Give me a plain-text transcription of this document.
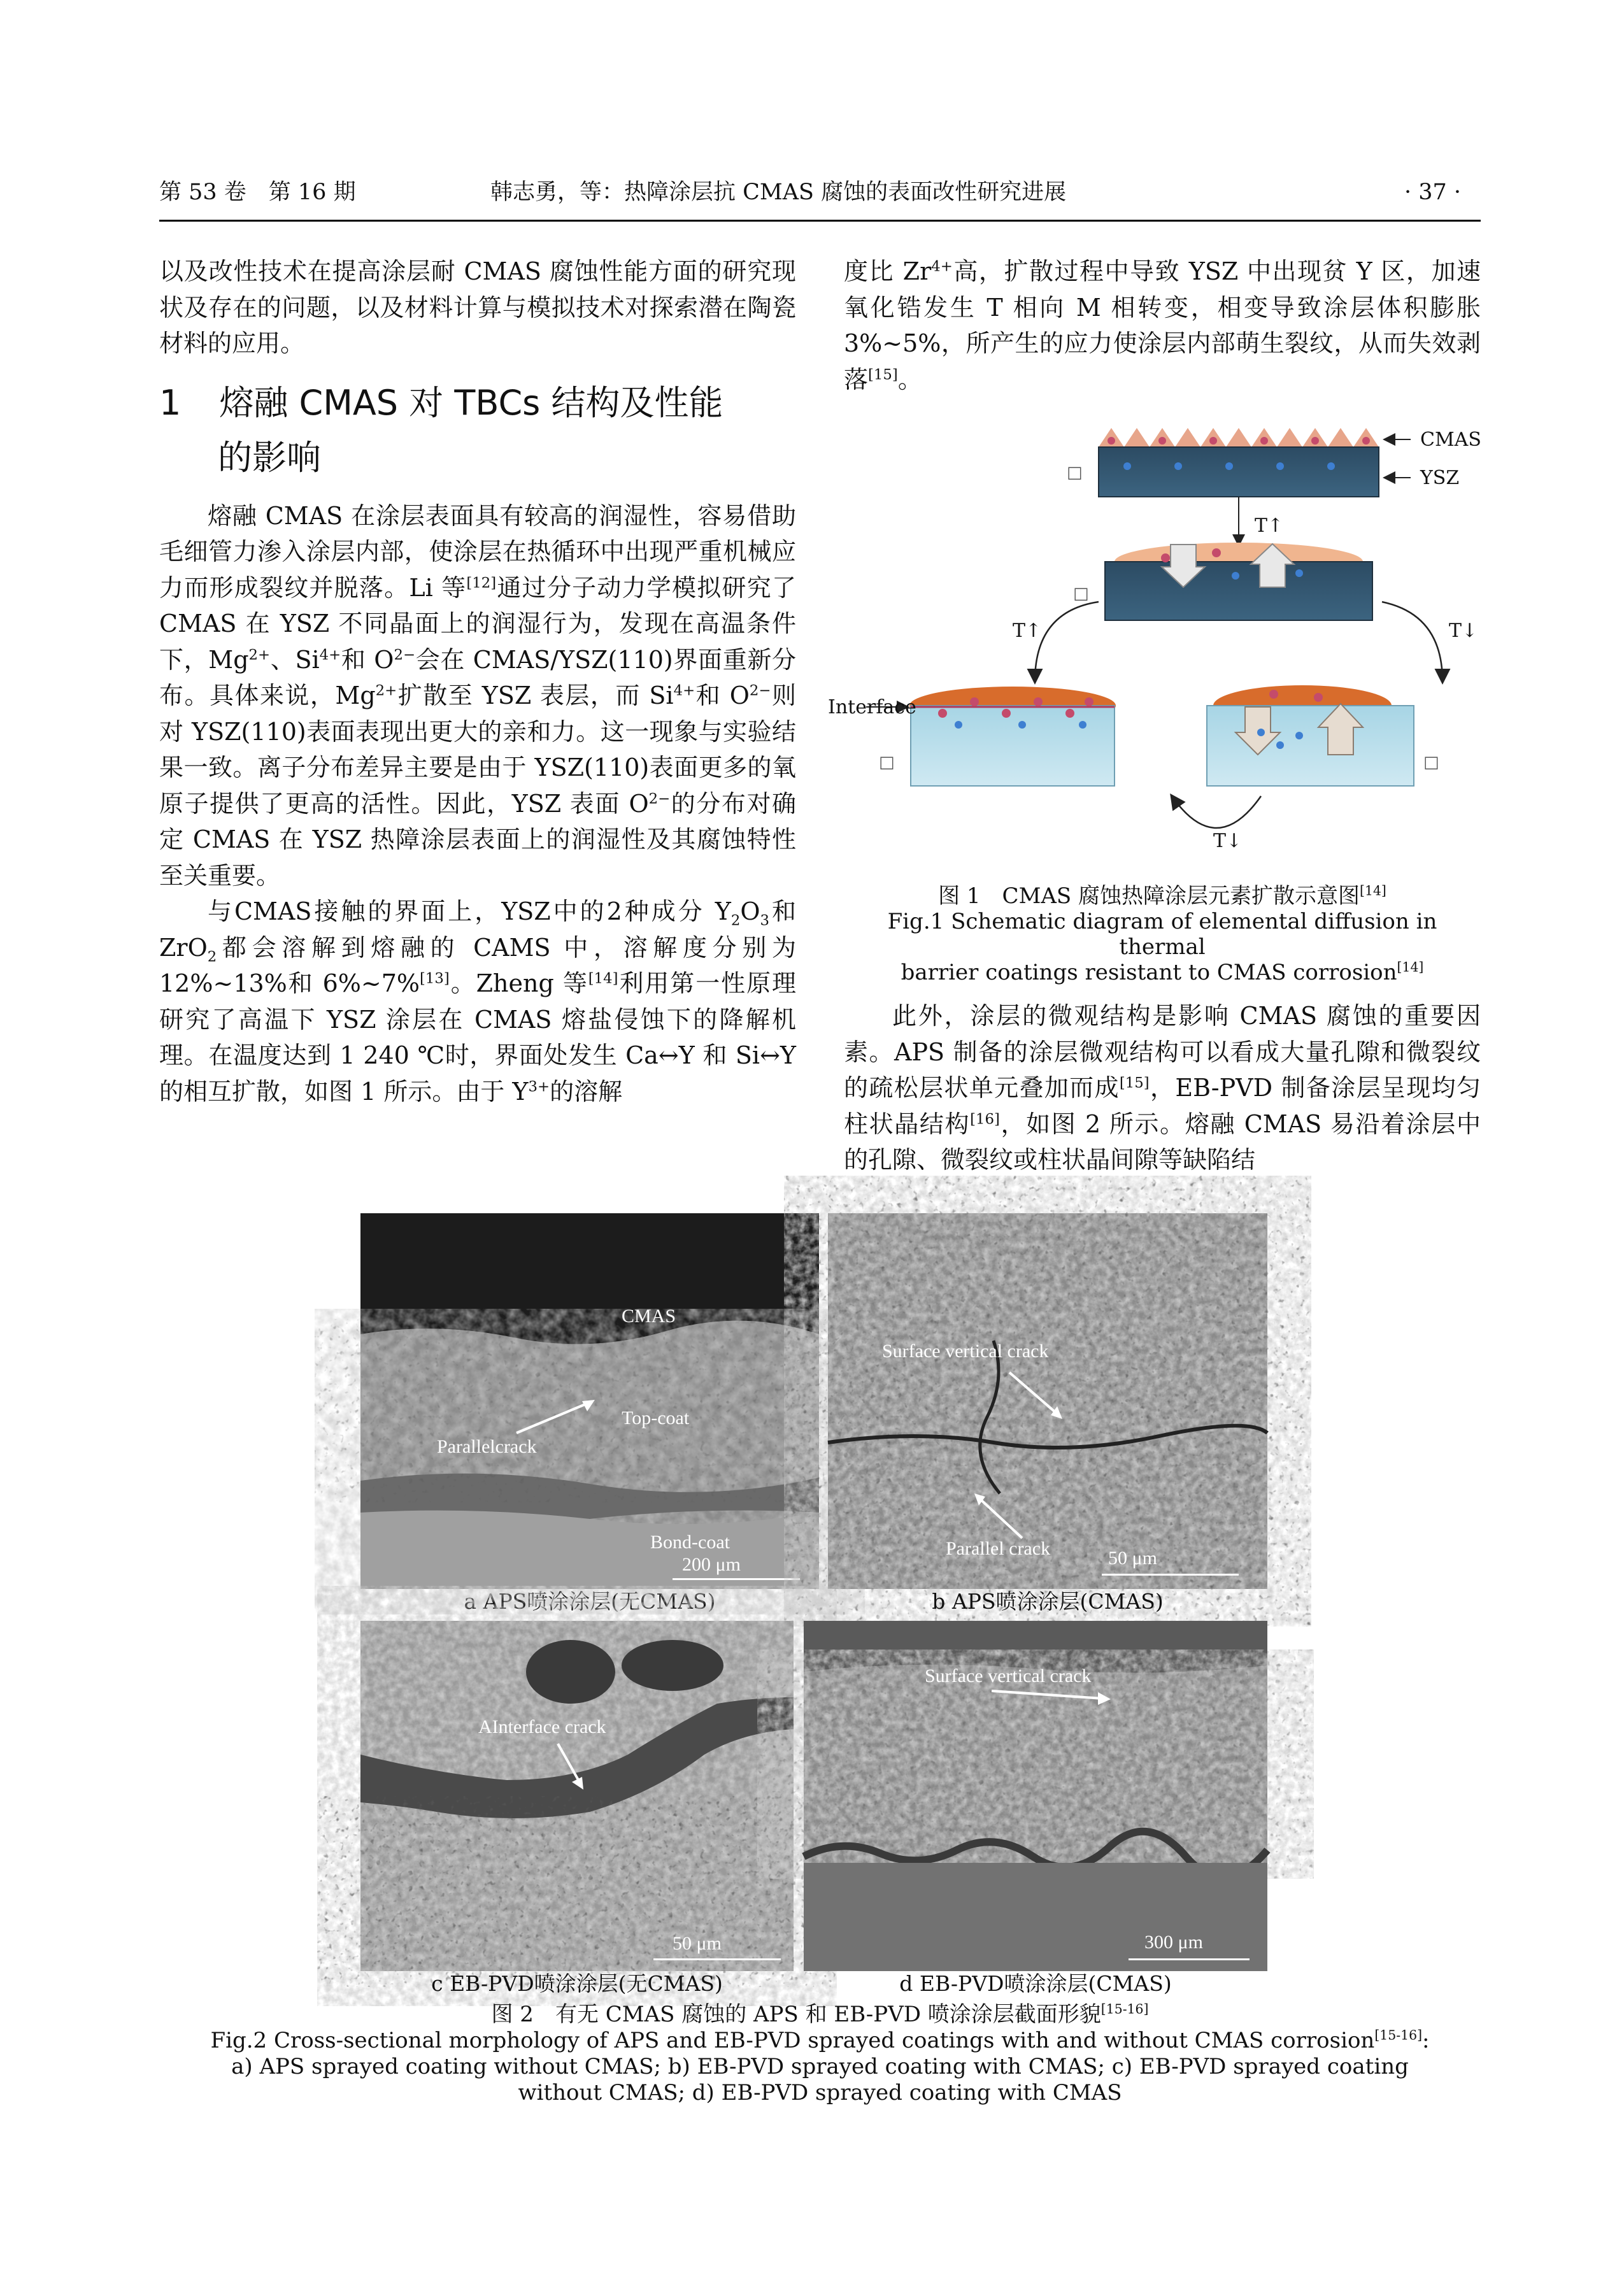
第 53 卷　第 16 期	韩志勇，等：热障涂层抗 CMAS 腐蚀的表面改性研究进展	· 37 ·

以及改性技术在提高涂层耐 CMAS 腐蚀性能方面的研究现状及存在的问题，以及材料计算与模拟技术对探索潜在陶瓷材料的应用。

1 熔融 CMAS 对 TBCs 结构及性能
的影响

熔融 CMAS 在涂层表面具有较高的润湿性，容易借助毛细管力渗入涂层内部，使涂层在热循环中出现严重机械应力而形成裂纹并脱落。Li 等[12]通过分子动力学模拟研究了 CMAS 在 YSZ 不同晶面上的润湿行为，发现在高温条件下，$Mg^{2+}$、$Si^{4+}$和 $O^{2-}$会在 CMAS/YSZ(110)界面重新分布。具体来说，$Mg^{2+}$扩散至 YSZ 表层，而 $Si^{4+}$和 $O^{2-}$则对 YSZ(110)表面表现出更大的亲和力。这一现象与实验结果一致。离子分布差异主要是由于 YSZ(110)表面更多的氧原子提供了更高的活性。因此，YSZ 表面 $O^{2-}$的分布对确定 CMAS 在 YSZ 热障涂层表面上的润湿性及其腐蚀特性至关重要。

与CMAS接触的界面上，YSZ中的2种成分 $Y_2O_3$和 ZrO$_2$都会溶解到熔融的 CAMS 中，溶解度分别为 12%~13%和 6%~7%[13]。Zheng 等[14]利用第一性原理研究了高温下 YSZ 涂层在 CMAS 熔盐侵蚀下的降解机理。在温度达到 1 240 ℃时，界面处发生 Ca↔Y 和 Si↔Y 的相互扩散，如图 1 所示。由于 $Y^{3+}$的溶解

度比 $Zr^{4+}$高，扩散过程中导致 YSZ 中出现贫 Y 区，加速氧化锆发生 T 相向 M 相转变，相变导致涂层体积膨胀 3%~5%，所产生的应力使涂层内部萌生裂纹，从而失效剥落[15]。

CMAS
YSZ
□
T↑
□
T↑	T↓
Interface
□	□
T↓
图 1　CMAS 腐蚀热障涂层元素扩散示意图[14]
Fig.1 Schematic diagram of elemental diffusion in thermal
barrier coatings resistant to CMAS corrosion[14]

此外，涂层的微观结构是影响 CMAS 腐蚀的重要因素。APS 制备的涂层微观结构可以看成大量孔隙和微裂纹的疏松层状单元叠加而成[15]，EB-PVD 制备涂层呈现均匀柱状晶结构[16]，如图 2 所示。熔融 CMAS 易沿着涂层中的孔隙、微裂纹或柱状晶间隙等缺陷结

CMAS
Top-coat
Parallelcrack
Bond-coat
200 μm
a APS喷涂涂层(无CMAS)
Surface vertical crack
Parallel crack	50 μm
b APS喷涂涂层(CMAS)
AInterface crack
50 μm
c EB-PVD喷涂涂层(无CMAS)
Surface vertical crack
300 μm
d EB-PVD喷涂涂层(CMAS)
图 2　有无 CMAS 腐蚀的 APS 和 EB-PVD 喷涂涂层截面形貌[15-16]
Fig.2 Cross-sectional morphology of APS and EB-PVD sprayed coatings with and without CMAS corrosion[15-16]:
a) APS sprayed coating without CMAS; b) EB-PVD sprayed coating with CMAS; c) EB-PVD sprayed coating
without CMAS; d) EB-PVD sprayed coating with CMAS
